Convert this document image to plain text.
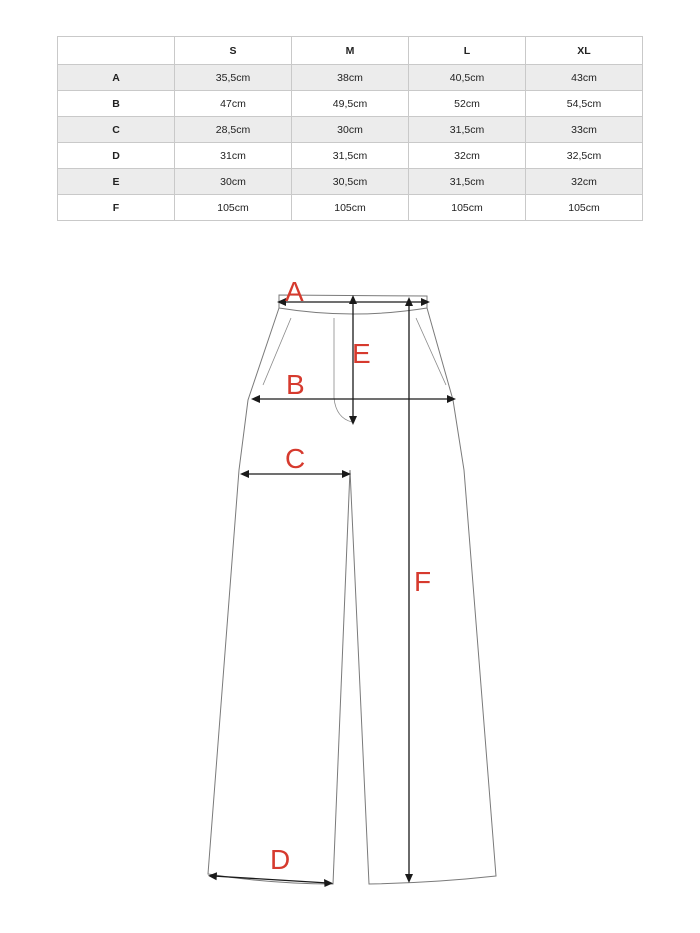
	S	M	L	XL
A	35,5cm	38cm	40,5cm	43cm
B	47cm	49,5cm	52cm	54,5cm
C	28,5cm	30cm	31,5cm	33cm
D	31cm	31,5cm	32cm	32,5cm
E	30cm	30,5cm	31,5cm	32cm
F	105cm	105cm	105cm	105cm
A
E
B
C
F
D
